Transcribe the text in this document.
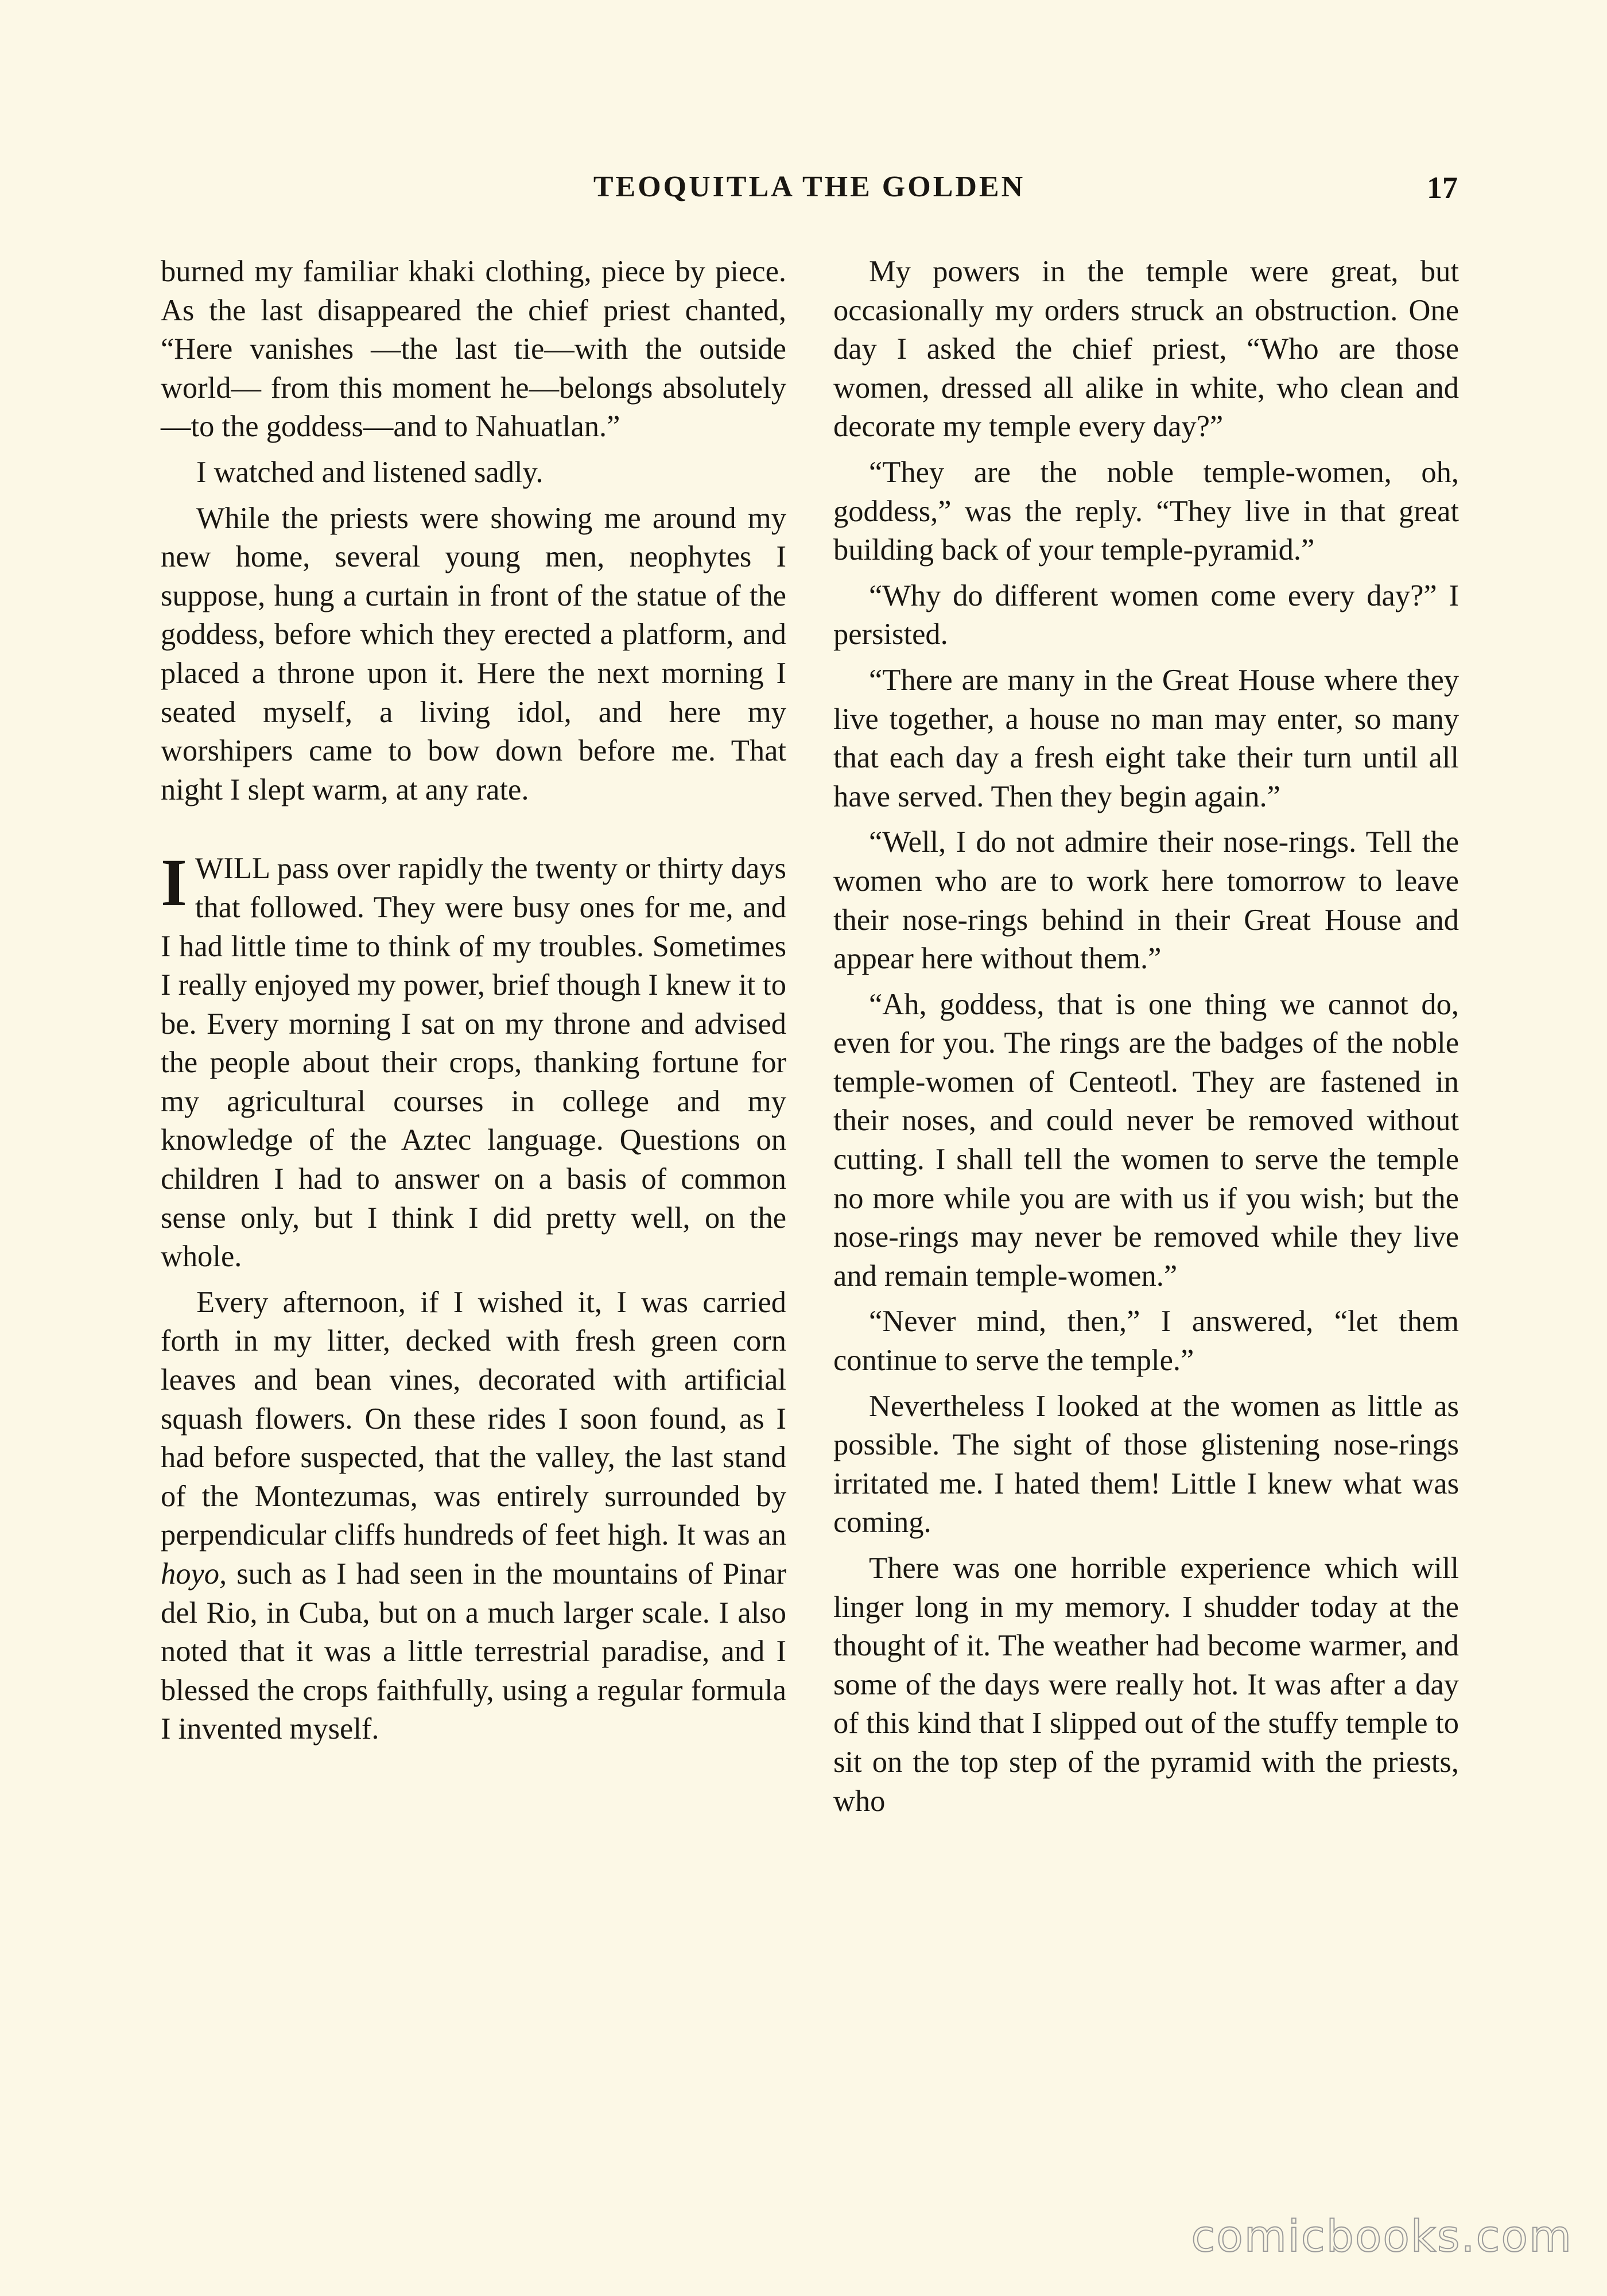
TEOQUITLA THE GOLDEN	17

burned my familiar khaki clothing, piece by piece. As the last disappeared the chief priest chanted, “Here vanishes —the last tie—with the outside world— from this moment he—belongs absolutely —to the goddess—and to Nahuatlan.”

I watched and listened sadly.

While the priests were showing me around my new home, several young men, neophytes I suppose, hung a curtain in front of the statue of the goddess, before which they erected a platform, and placed a throne upon it. Here the next morning I seated myself, a living idol, and here my worshipers came to bow down before me. That night I slept warm, at any rate.

IWILL pass over rapidly the twenty or thirty days that followed. They were busy ones for me, and I had little time to think of my troubles. Sometimes I really enjoyed my power, brief though I knew it to be. Every morning I sat on my throne and advised the people about their crops, thanking fortune for my agricultural courses in college and my knowledge of the Aztec language. Questions on children I had to answer on a basis of common sense only, but I think I did pretty well, on the whole.

Every afternoon, if I wished it, I was carried forth in my litter, decked with fresh green corn leaves and bean vines, decorated with artificial squash flowers. On these rides I soon found, as I had before suspected, that the valley, the last stand of the Montezumas, was entirely surrounded by perpendicular cliffs hundreds of feet high. It was an hoyo, such as I had seen in the mountains of Pinar del Rio, in Cuba, but on a much larger scale. I also noted that it was a little terrestrial paradise, and I blessed the crops faithfully, using a regular formula I invented myself.

My powers in the temple were great, but occasionally my orders struck an obstruction. One day I asked the chief priest, “Who are those women, dressed all alike in white, who clean and decorate my temple every day?”

“They are the noble temple-women, oh, goddess,” was the reply. “They live in that great building back of your temple-pyramid.”

“Why do different women come every day?” I persisted.

“There are many in the Great House where they live together, a house no man may enter, so many that each day a fresh eight take their turn until all have served. Then they begin again.”

“Well, I do not admire their nose-rings. Tell the women who are to work here tomorrow to leave their nose-rings behind in their Great House and appear here without them.”

“Ah, goddess, that is one thing we cannot do, even for you. The rings are the badges of the noble temple-women of Centeotl. They are fastened in their noses, and could never be removed without cutting. I shall tell the women to serve the temple no more while you are with us if you wish; but the nose-rings may never be removed while they live and remain temple-women.”

“Never mind, then,” I answered, “let them continue to serve the temple.”

Nevertheless I looked at the women as little as possible. The sight of those glistening nose-rings irritated me. I hated them! Little I knew what was coming.

There was one horrible experience which will linger long in my memory. I shudder today at the thought of it. The weather had become warmer, and some of the days were really hot. It was after a day of this kind that I slipped out of the stuffy temple to sit on the top step of the pyramid with the priests, who

comicbooks.com
